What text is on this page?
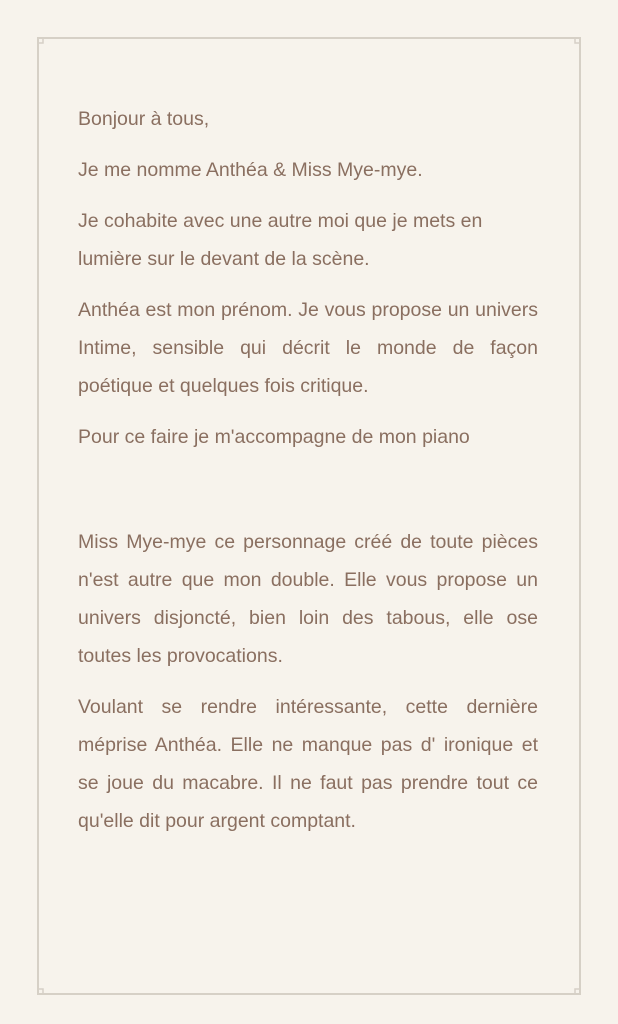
Bonjour à tous,

Je me nomme Anthéa & Miss Mye-mye.

Je cohabite avec une autre moi que je mets en lumière sur le devant de la scène.

Anthéa est mon prénom. Je vous propose un univers Intime, sensible qui décrit le monde de façon poétique et quelques fois critique.

Pour ce faire je m'accompagne de mon piano

Miss Mye-mye ce personnage créé de toute pièces n'est autre que mon double. Elle vous propose un univers disjoncté, bien loin des tabous, elle ose toutes les provocations.

Voulant se rendre intéressante, cette dernière méprise Anthéa. Elle ne manque pas d' ironique et se joue du macabre. Il ne faut pas prendre tout ce qu'elle dit pour argent comptant.
